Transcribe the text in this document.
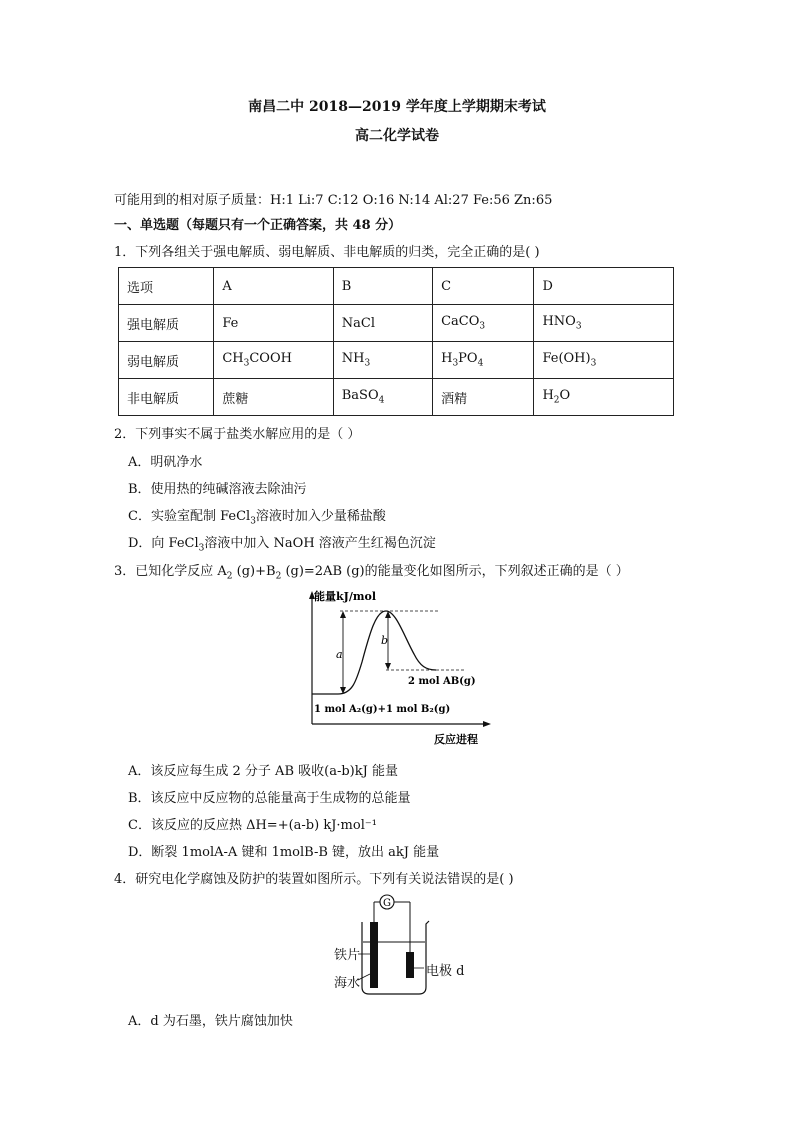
南昌二中 2018—2019 学年度上学期期末考试
高二化学试卷
可能用到的相对原子质量：H:1 Li:7 C:12 O:16 N:14 Al:27 Fe:56 Zn:65
一、单选题（每题只有一个正确答案，共 48 分）
1．下列各组关于强电解质、弱电解质、非电解质的归类，完全正确的是( )
选项	A	B	C	D
强电解质	Fe	NaCl	CaCO$_3$	$HNO_3$
弱电解质	$CH_3COOH$	$NH_3$	$H_3PO_4$	$Fe(OH)_3$
非电解质	蔗糖	BaSO$_4$	酒精	$H_2O$
2．下列事实不属于盐类水解应用的是（ ）
A．明矾净水
B．使用热的纯碱溶液去除油污
C．实验室配制 FeCl$_3$溶液时加入少量稀盐酸
D．向 FeCl$_3$溶液中加入 NaOH 溶液产生红褐色沉淀
3．已知化学反应 $A_2$ $(g)+B_2$ (g)=2AB (g)的能量变化如图所示，下列叙述正确的是（ ）
能量kJ/mol
反应进程
a
b
2 mol AB(g)
1 mol A₂(g)+1 mol B₂(g)
A．该反应每生成 2 分子 AB 吸收(a-b)kJ 能量
B．该反应中反应物的总能量高于生成物的总能量
C．该反应的反应热 ΔH=+(a-b) kJ·mol⁻¹
D．断裂 1molA-A 键和 1molB-B 键，放出 akJ 能量
4．研究电化学腐蚀及防护的装置如图所示。下列有关说法错误的是( )
G
铁片
海水
电极 d
A．d 为石墨，铁片腐蚀加快
